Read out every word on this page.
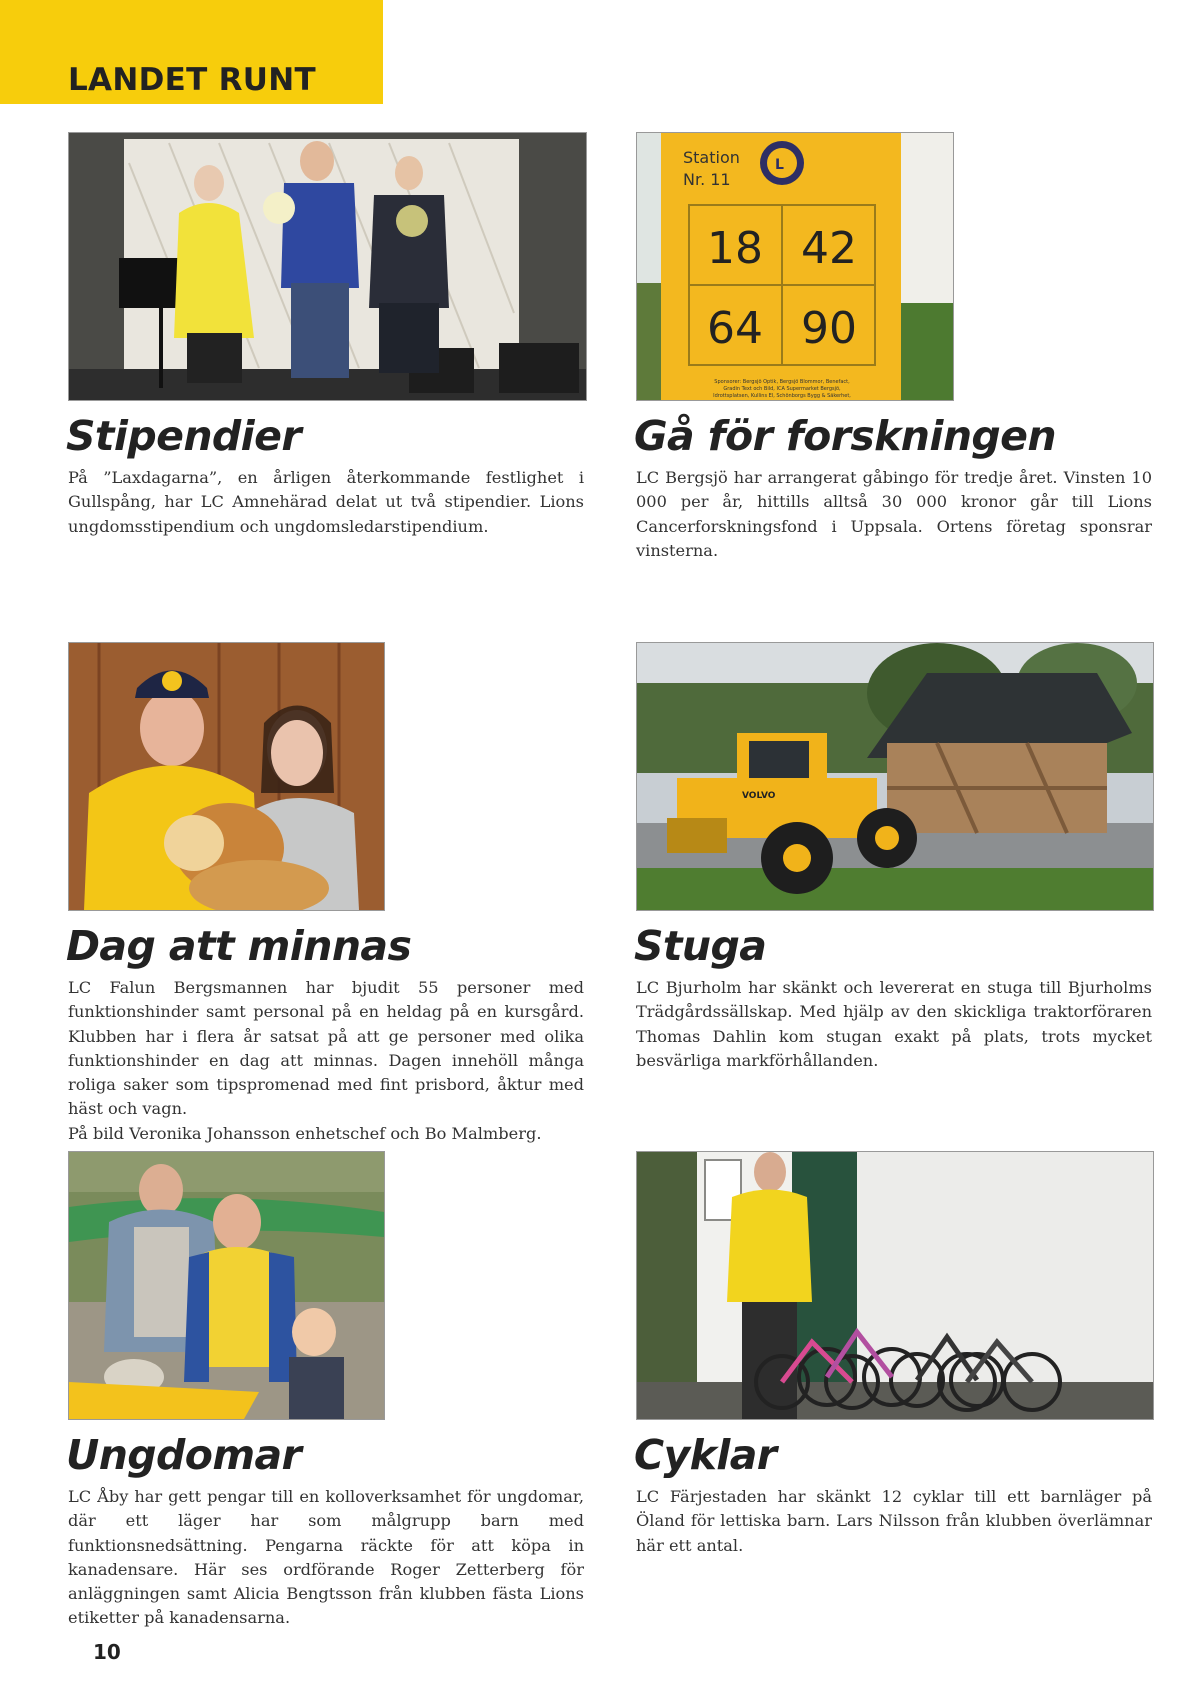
LANDET RUNT
Station
Nr. 11
L
18 42
64 90
Sponsorer: Bergsjö Optik, Bergsjö Blommor, Benefact,
Gradin Text och Bild, ICA Supermarket Bergsjö,
Idrottsplatsen, Kullins El, Schönborgs Bygg & Säkerhet,
Stipendier

På ”Laxdagarna”, en årligen återkommande festlighet i Gullspång, har LC Amnehärad delat ut två stipendier. Lions ungdomsstipendium och ungdomsledarstipendium.

Gå för forskningen

LC Bergsjö har arrangerat gåbingo för tredje året. Vinsten 10 000 per år, hittills alltså 30 000 kronor går till Lions Cancerforskningsfond i Uppsala. Ortens företag sponsrar vinsterna.

VOLVO
Dag att minnas
LC Falun Bergsmannen har bjudit 55 personer med funktionshinder samt personal på en heldag på en kursgård. Klubben har i flera år satsat på att ge personer med olika funktionshinder en dag att minnas. Dagen innehöll många roliga saker som tipspromenad med fint prisbord, åktur med häst och vagn.
På bild Veronika Johansson enhetschef och Bo Malmberg.
Stuga

LC Bjurholm har skänkt och levererat en stuga till Bjurholms Trädgårdssällskap. Med hjälp av den skickliga traktorföraren Thomas Dahlin kom stugan exakt på plats, trots mycket besvärliga markförhållanden.

Ungdomar

LC Åby har gett pengar till en kolloverksamhet för ungdomar, där ett läger har som målgrupp barn med funktionsnedsättning. Pengarna räckte för att köpa in kanadensare. Här ses ordförande Roger Zetterberg för anläggningen samt Alicia Bengtsson från klubben fästa Lions etiketter på kanadensarna.

Cyklar

LC Färjestaden har skänkt 12 cyklar till ett barnläger på Öland för lettiska barn. Lars Nilsson från klubben överlämnar här ett antal.

10
